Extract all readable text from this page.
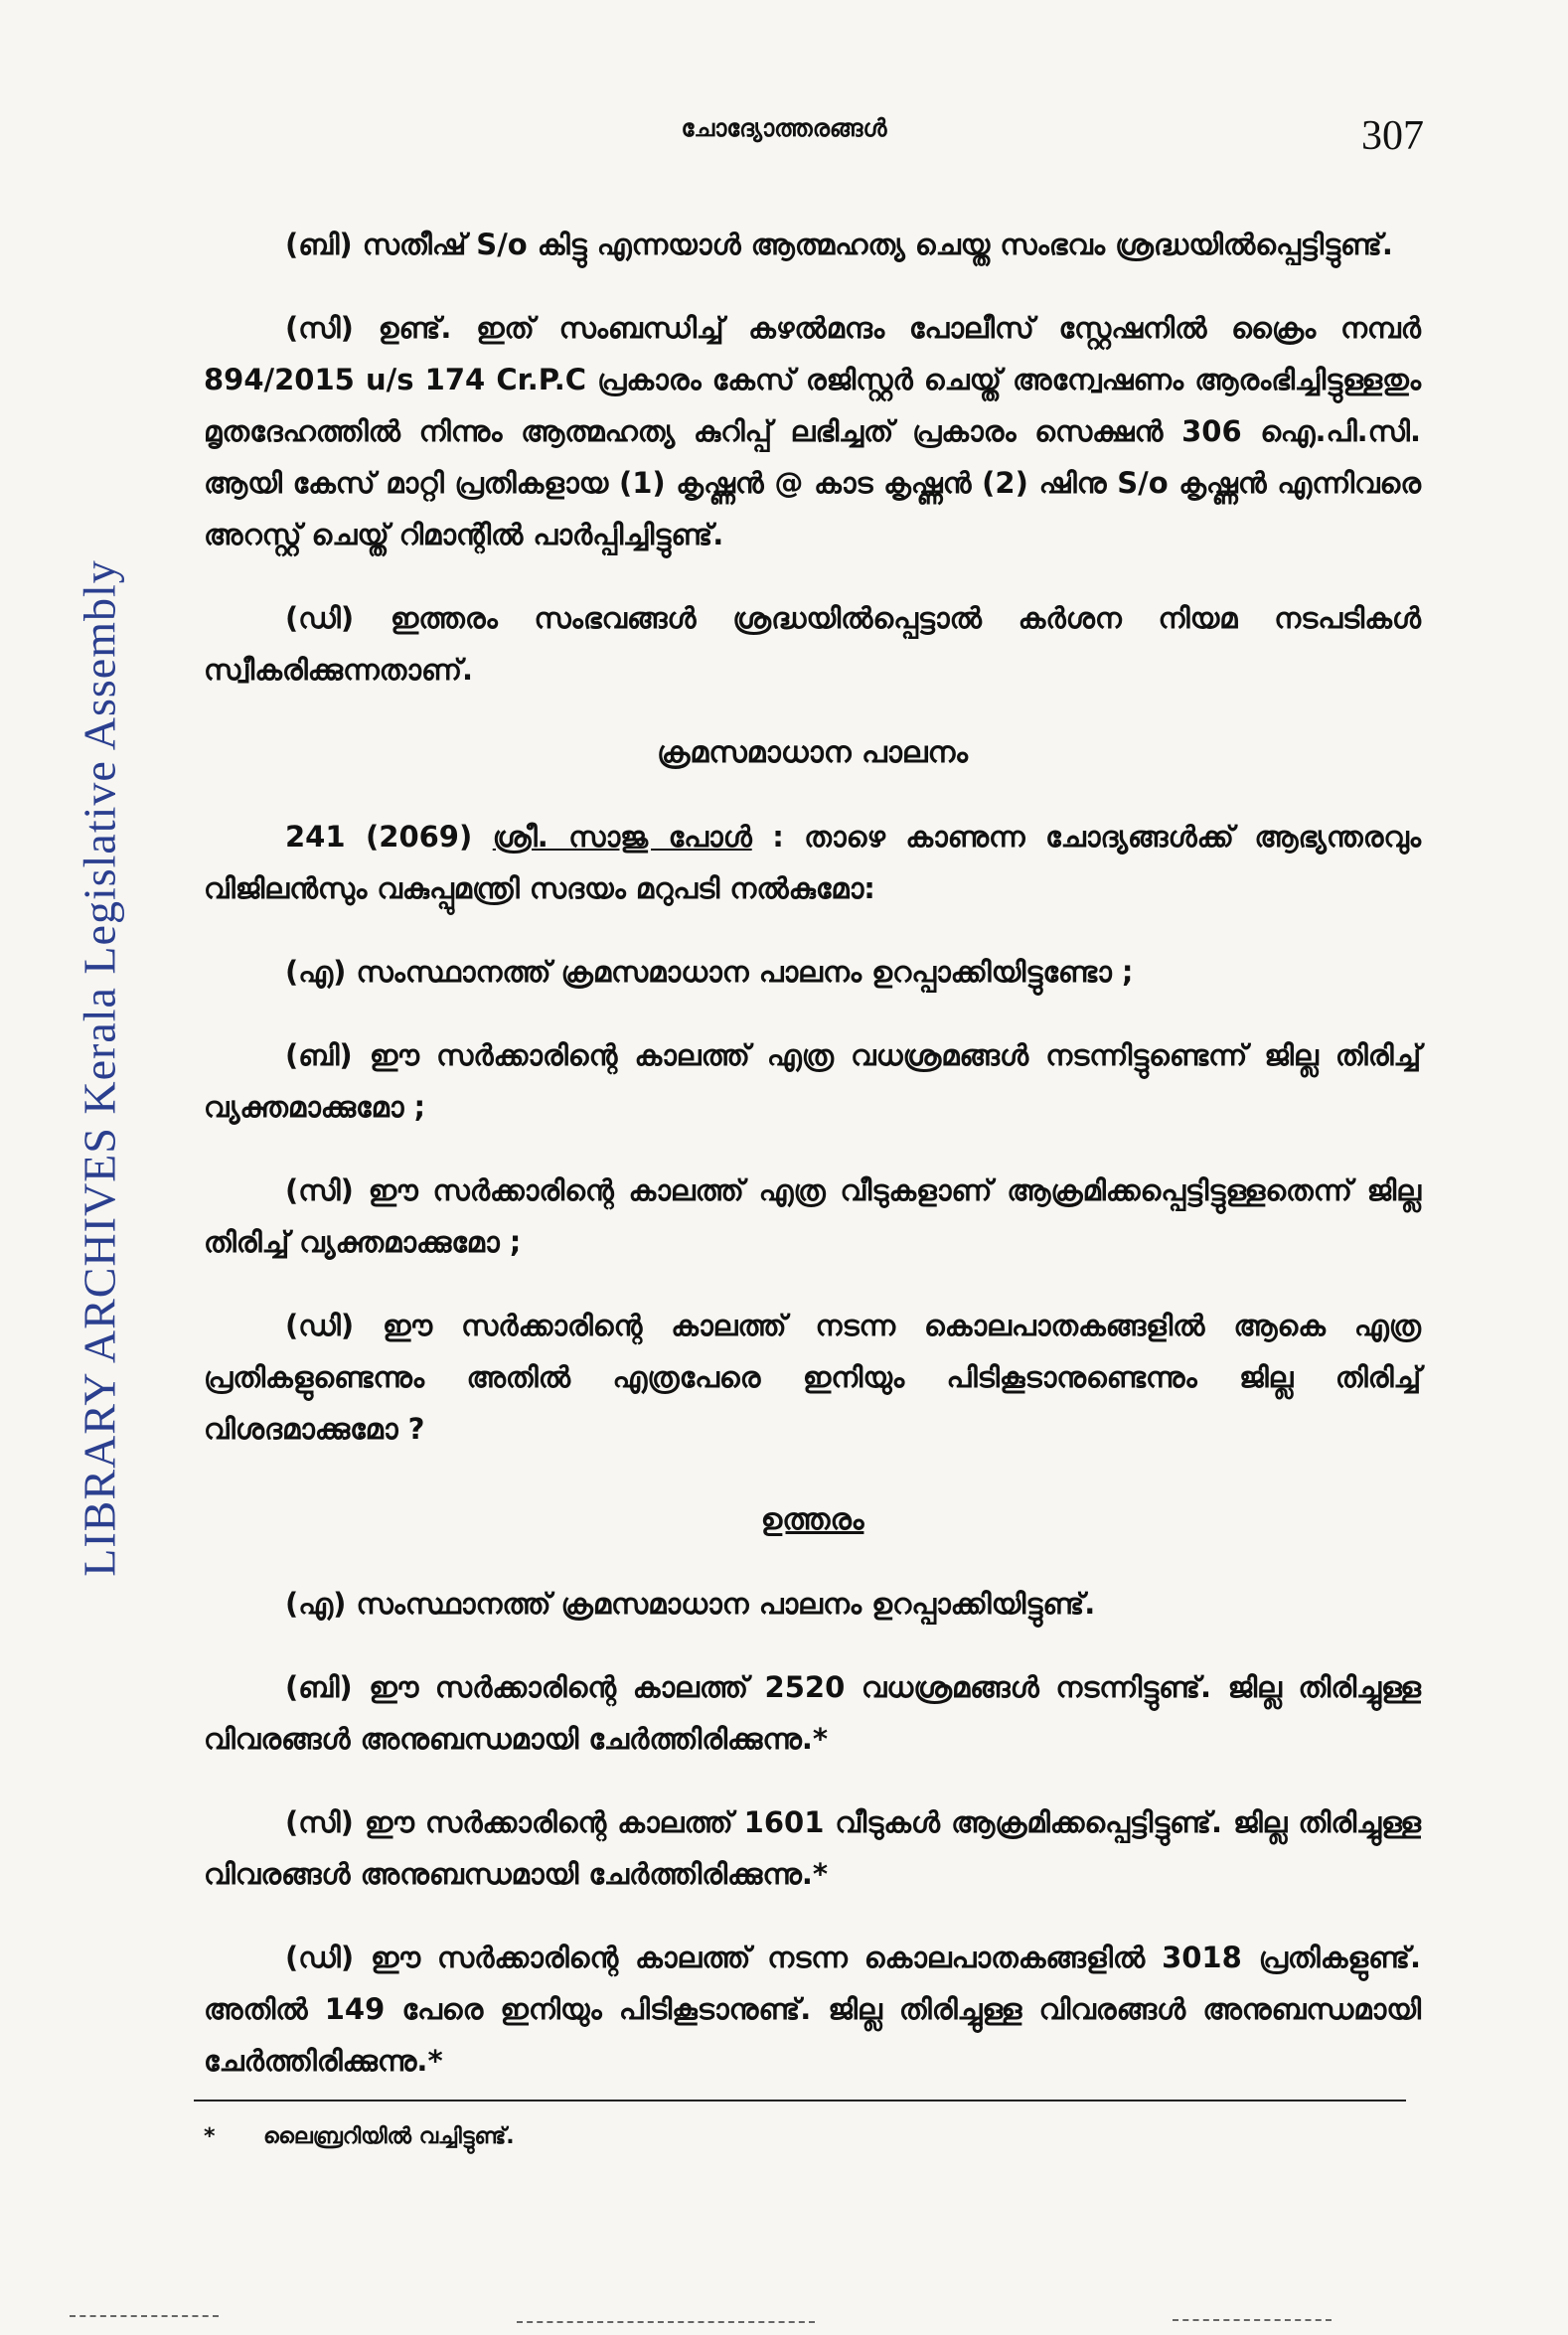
LIBRARY ARCHIVES Kerala Legislative Assembly
ചോദ്യോത്തരങ്ങൾ	307

(ബി) സതീഷ് S/o കിട്ടു എന്നയാൾ ആത്മഹത്യ ചെയ്ത സംഭവം ശ്രദ്ധയിൽപ്പെട്ടിട്ടുണ്ട്.

(സി) ഉണ്ട്. ഇത് സംബന്ധിച്ച് കഴൽമന്ദം പോലീസ് സ്റ്റേഷനിൽ ക്രൈം നമ്പർ 894/2015 u/s 174 Cr.P.C പ്രകാരം കേസ് രജിസ്റ്റർ ചെയ്ത് അന്വേഷണം ആരംഭിച്ചിട്ടുള്ളതും മൃതദേഹത്തിൽ നിന്നും ആത്മഹത്യ കുറിപ്പ് ലഭിച്ചത് പ്രകാരം സെക്ഷൻ 306 ഐ.പി.സി. ആയി കേസ് മാറ്റി പ്രതികളായ (1) കൃഷ്ണൻ @ കാട കൃഷ്ണൻ (2) ഷിനു S/o കൃഷ്ണൻ എന്നിവരെ അറസ്റ്റ് ചെയ്ത് റിമാന്റിൽ പാർപ്പിച്ചിട്ടുണ്ട്.

(ഡി) ഇത്തരം സംഭവങ്ങൾ ശ്രദ്ധയിൽപ്പെട്ടാൽ കർശന നിയമ നടപടികൾ സ്വീകരിക്കുന്നതാണ്.

ക്രമസമാധാന പാലനം

241 (2069) ശ്രീ. സാജു പോൾ : താഴെ കാണുന്ന ചോദ്യങ്ങൾക്ക് ആഭ്യന്തരവും വിജിലൻസും വകുപ്പുമന്ത്രി സദയം മറുപടി നൽകുമോ:

(എ) സംസ്ഥാനത്ത് ക്രമസമാധാന പാലനം ഉറപ്പാക്കിയിട്ടുണ്ടോ ;

(ബി) ഈ സർക്കാരിന്റെ കാലത്ത് എത്ര വധശ്രമങ്ങൾ നടന്നിട്ടുണ്ടെന്ന് ജില്ല തിരിച്ച് വ്യക്തമാക്കുമോ ;

(സി) ഈ സർക്കാരിന്റെ കാലത്ത് എത്ര വീടുകളാണ് ആക്രമിക്കപ്പെട്ടിട്ടുള്ളതെന്ന് ജില്ല തിരിച്ച് വ്യക്തമാക്കുമോ ;

(ഡി) ഈ സർക്കാരിന്റെ കാലത്ത് നടന്ന കൊലപാതകങ്ങളിൽ ആകെ എത്ര പ്രതികളുണ്ടെന്നും അതിൽ എത്രപേരെ ഇനിയും പിടികൂടാനുണ്ടെന്നും ജില്ല തിരിച്ച് വിശദമാക്കുമോ ?

ഉത്തരം

(എ) സംസ്ഥാനത്ത് ക്രമസമാധാന പാലനം ഉറപ്പാക്കിയിട്ടുണ്ട്.

(ബി) ഈ സർക്കാരിന്റെ കാലത്ത് 2520 വധശ്രമങ്ങൾ നടന്നിട്ടുണ്ട്. ജില്ല തിരിച്ചുള്ള വിവരങ്ങൾ അനുബന്ധമായി ചേർത്തിരിക്കുന്നു.*

(സി) ഈ സർക്കാരിന്റെ കാലത്ത് 1601 വീടുകൾ ആക്രമിക്കപ്പെട്ടിട്ടുണ്ട്. ജില്ല തിരിച്ചുള്ള വിവരങ്ങൾ അനുബന്ധമായി ചേർത്തിരിക്കുന്നു.*

(ഡി) ഈ സർക്കാരിന്റെ കാലത്ത് നടന്ന കൊലപാതകങ്ങളിൽ 3018 പ്രതികളുണ്ട്. അതിൽ 149 പേരെ ഇനിയും പിടികൂടാനുണ്ട്. ജില്ല തിരിച്ചുള്ള വിവരങ്ങൾ അനുബന്ധമായി ചേർത്തിരിക്കുന്നു.*

* ലൈബ്രറിയിൽ വച്ചിട്ടുണ്ട്.
